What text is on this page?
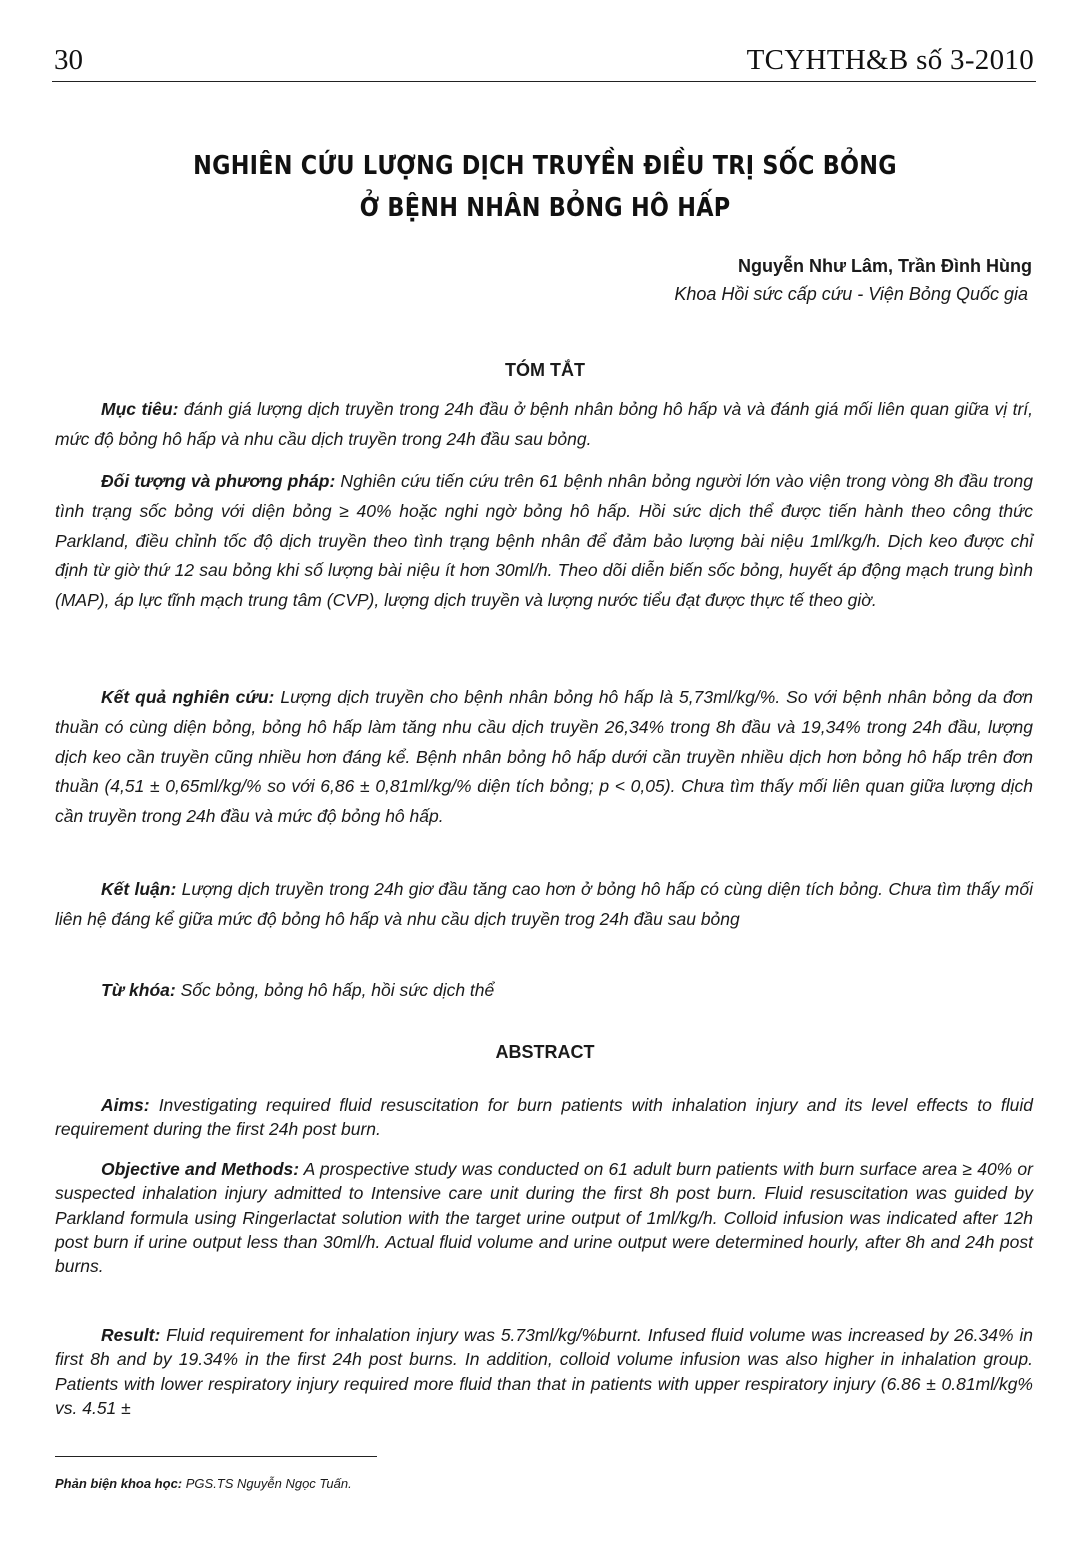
30	TCYHTH&B số 3-2010
NGHIÊN CỨU LƯỢNG DỊCH TRUYỀN ĐIỀU TRỊ SỐC BỎNG
Ở BỆNH NHÂN BỎNG HÔ HẤP
Nguyễn Như Lâm, Trần Đình Hùng
Khoa Hồi sức cấp cứu - Viện Bỏng Quốc gia
TÓM TẮT

Mục tiêu: đánh giá lượng dịch truyền trong 24h đầu ở bệnh nhân bỏng hô hấp và và đánh giá mối liên quan giữa vị trí, mức độ bỏng hô hấp và nhu cầu dịch truyền trong 24h đầu sau bỏng.

Đối tượng và phương pháp: Nghiên cứu tiến cứu trên 61 bệnh nhân bỏng người lớn vào viện trong vòng 8h đầu trong tình trạng sốc bỏng với diện bỏng ≥ 40% hoặc nghi ngờ bỏng hô hấp. Hồi sức dịch thể được tiến hành theo công thức Parkland, điều chỉnh tốc độ dịch truyền theo tình trạng bệnh nhân để đảm bảo lượng bài niệu 1ml/kg/h. Dịch keo được chỉ định từ giờ thứ 12 sau bỏng khi số lượng bài niệu ít hơn 30ml/h. Theo dõi diễn biến sốc bỏng, huyết áp động mạch trung bình (MAP), áp lực tĩnh mạch trung tâm (CVP), lượng dịch truyền và lượng nước tiểu đạt được thực tế theo giờ.

Kết quả nghiên cứu: Lượng dịch truyền cho bệnh nhân bỏng hô hấp là 5,73ml/kg/%. So với bệnh nhân bỏng da đơn thuần có cùng diện bỏng, bỏng hô hấp làm tăng nhu cầu dịch truyền 26,34% trong 8h đầu và 19,34% trong 24h đầu, lượng dịch keo cần truyền cũng nhiều hơn đáng kể. Bệnh nhân bỏng hô hấp dưới cần truyền nhiều dịch hơn bỏng hô hấp trên đơn thuần (4,51 ± 0,65ml/kg/% so với 6,86 ± 0,81ml/kg/% diện tích bỏng; p < 0,05). Chưa tìm thấy mối liên quan giữa lượng dịch cần truyền trong 24h đầu và mức độ bỏng hô hấp.

Kết luận: Lượng dịch truyền trong 24h giơ đầu tăng cao hơn ở bỏng hô hấp có cùng diện tích bỏng. Chưa tìm thấy mối liên hệ đáng kể giữa mức độ bỏng hô hấp và nhu cầu dịch truyền trog 24h đầu sau bỏng

Từ khóa: Sốc bỏng, bỏng hô hấp, hồi sức dịch thể

ABSTRACT

Aims: Investigating required fluid resuscitation for burn patients with inhalation injury and its level effects to fluid requirement during the first 24h post burn.

Objective and Methods: A prospective study was conducted on 61 adult burn patients with burn surface area ≥ 40% or suspected inhalation injury admitted to Intensive care unit during the first 8h post burn. Fluid resuscitation was guided by Parkland formula using Ringerlactat solution with the target urine output of 1ml/kg/h. Colloid infusion was indicated after 12h post burn if urine output less than 30ml/h. Actual fluid volume and urine output were determined hourly, after 8h and 24h post burns.

Result: Fluid requirement for inhalation injury was 5.73ml/kg/%burnt. Infused fluid volume was increased by 26.34% in first 8h and by 19.34% in the first 24h post burns. In addition, colloid volume infusion was also higher in inhalation group. Patients with lower respiratory injury required more fluid than that in patients with upper respiratory injury (6.86 ± 0.81ml/kg% vs. 4.51 ±

Phản biện khoa học: PGS.TS Nguyễn Ngọc Tuấn.
